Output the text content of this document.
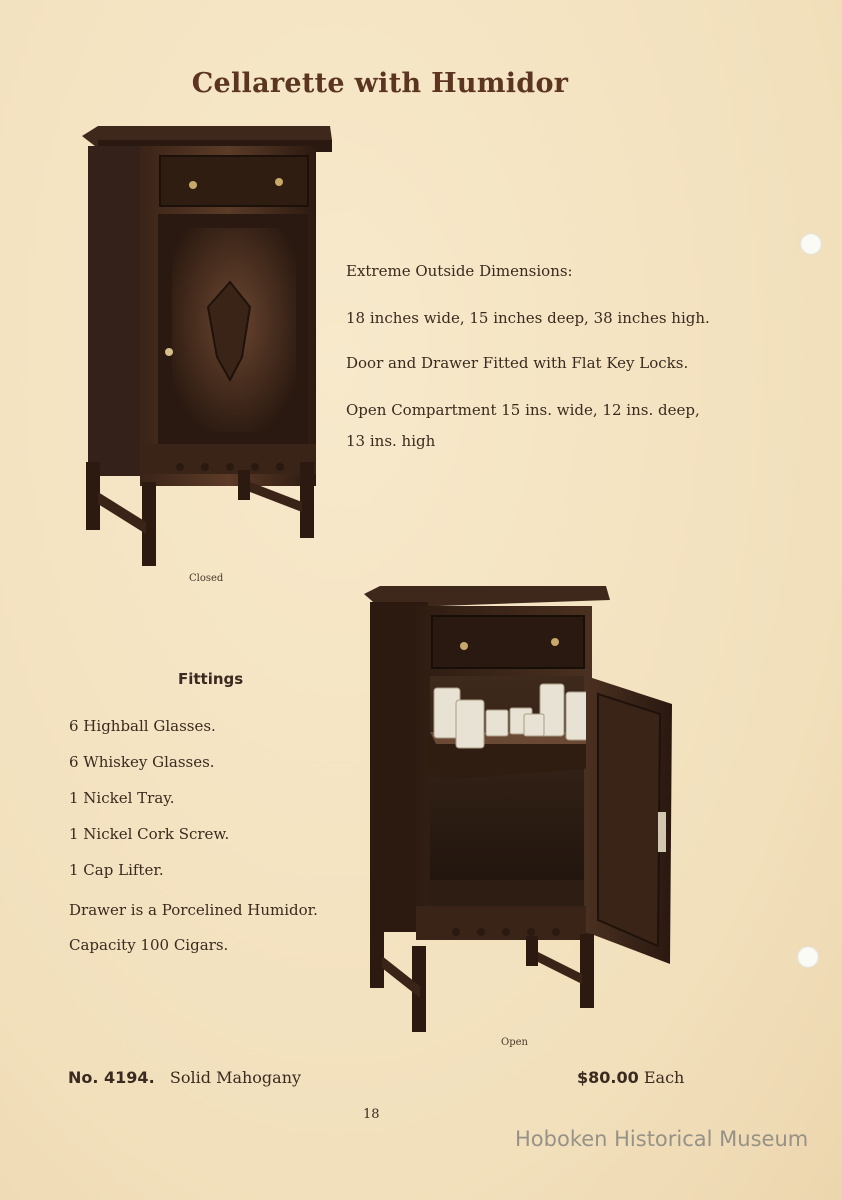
Cellarette with Humidor
Closed

Extreme Outside Dimensions:

18 inches wide, 15 inches deep, 38 inches high.

Door and Drawer Fitted with Flat Key Locks.

Open Compartment 15 ins. wide, 12 ins. deep,

13 ins. high

Open
Fittings
6 Highball Glasses.
6 Whiskey Glasses.
1 Nickel Tray.
1 Nickel Cork Screw.
1 Cap Lifter.
Drawer is a Porcelined Humidor.
Capacity 100 Cigars.
No. 4194. Solid Mahogany	$80.00 Each
18
Hoboken Historical Museum
